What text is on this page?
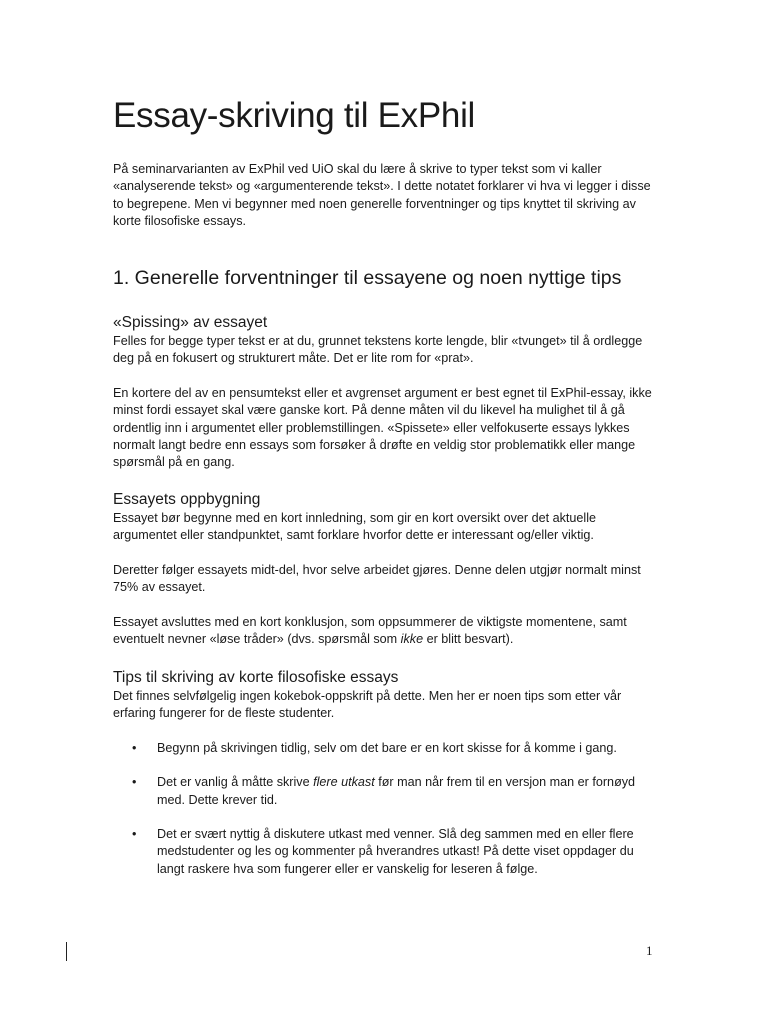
Essay-skriving til ExPhil

På seminarvarianten av ExPhil ved UiO skal du lære å skrive to typer tekst som vi kaller «analyserende tekst» og «argumenterende tekst». I dette notatet forklarer vi hva vi legger i disse to begrepene. Men vi begynner med noen generelle forventninger og tips knyttet til skriving av korte filosofiske essays.

1. Generelle forventninger til essayene og noen nyttige tips
«Spissing» av essayet

Felles for begge typer tekst er at du, grunnet tekstens korte lengde, blir «tvunget» til å ordlegge deg på en fokusert og strukturert måte. Det er lite rom for «prat».

En kortere del av en pensumtekst eller et avgrenset argument er best egnet til ExPhil-essay, ikke minst fordi essayet skal være ganske kort. På denne måten vil du likevel ha mulighet til å gå ordentlig inn i argumentet eller problemstillingen. «Spissete» eller velfokuserte essays lykkes normalt langt bedre enn essays som forsøker å drøfte en veldig stor problematikk eller mange spørsmål på en gang.

Essayets oppbygning

Essayet bør begynne med en kort innledning, som gir en kort oversikt over det aktuelle argumentet eller standpunktet, samt forklare hvorfor dette er interessant og/eller viktig.

Deretter følger essayets midt-del, hvor selve arbeidet gjøres. Denne delen utgjør normalt minst 75% av essayet.

Essayet avsluttes med en kort konklusjon, som oppsummerer de viktigste momentene, samt eventuelt nevner «løse tråder» (dvs. spørsmål som ikke er blitt besvart).

Tips til skriving av korte filosofiske essays

Det finnes selvfølgelig ingen kokebok-oppskrift på dette. Men her er noen tips som etter vår erfaring fungerer for de fleste studenter.

• Begynn på skrivingen tidlig, selv om det bare er en kort skisse for å komme i gang.
• Det er vanlig å måtte skrive flere utkast før man når frem til en versjon man er fornøyd med. Dette krever tid.
• Det er svært nyttig å diskutere utkast med venner. Slå deg sammen med en eller flere medstudenter og les og kommenter på hverandres utkast! På dette viset oppdager du langt raskere hva som fungerer eller er vanskelig for leseren å følge.
1
